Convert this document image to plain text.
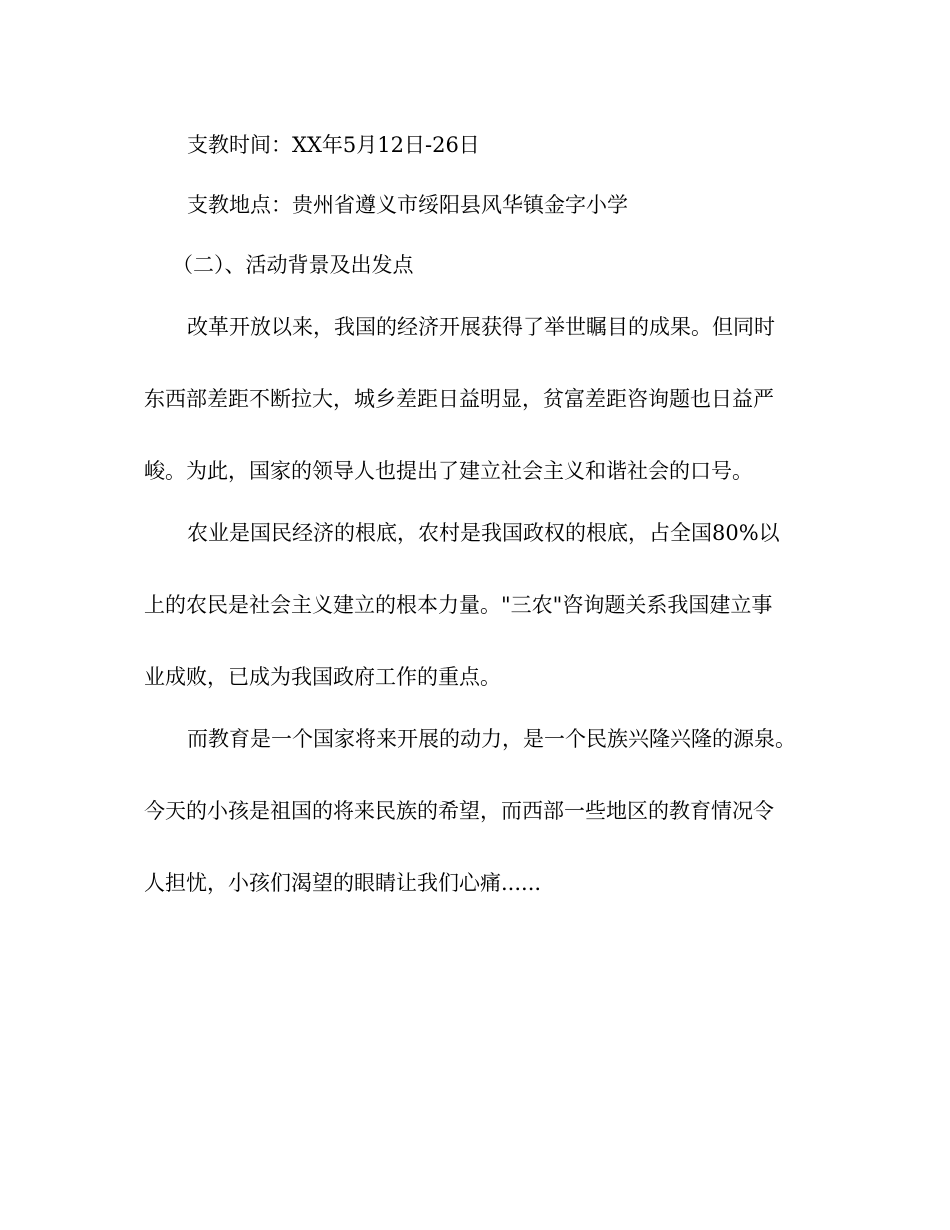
支教时间：XX年5月12日-26日
支教地点：贵州省遵义市绥阳县风华镇金字小学
（二）、活动背景及出发点
改革开放以来，我国的经济开展获得了举世瞩目的成果。但同时
东西部差距不断拉大，城乡差距日益明显，贫富差距咨询题也日益严
峻。为此，国家的领导人也提出了建立社会主义和谐社会的口号。
农业是国民经济的根底，农村是我国政权的根底，占全国80%以
上的农民是社会主义建立的根本力量。"三农"咨询题关系我国建立事
业成败，已成为我国政府工作的重点。
而教育是一个国家将来开展的动力，是一个民族兴隆兴隆的源泉。
今天的小孩是祖国的将来民族的希望，而西部一些地区的教育情况令
人担忧，小孩们渴望的眼睛让我们心痛......
